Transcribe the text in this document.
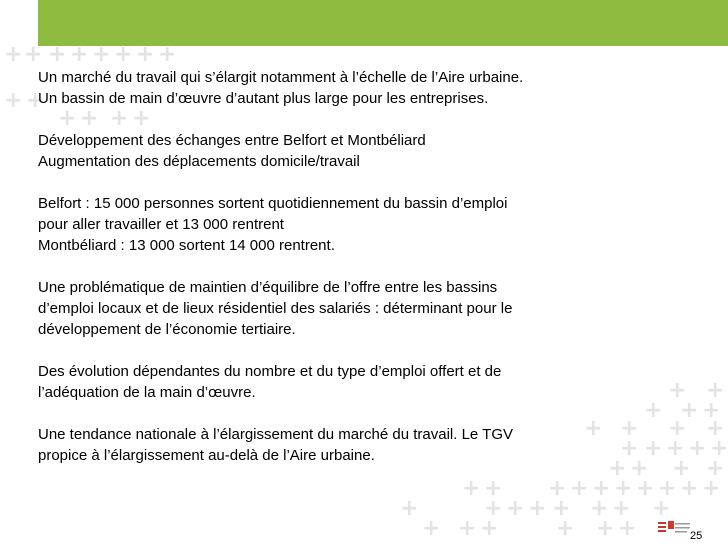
+ + + + + + + +
+ +
+ + + +
+ +
+ + +
+ + + +
+ + + + +
+ + + +
+ + + + + + + + + +
+	+ + + + + + +
+ + +	+ + +

Un marché du travail qui s’élargit notamment à l’échelle de l’Aire urbaine.
Un bassin de main d’œuvre d’autant plus large pour les entreprises.

Développement des échanges entre Belfort et Montbéliard
Augmentation des déplacements domicile/travail

Belfort : 15 000 personnes sortent quotidiennement du bassin d’emploi
pour aller travailler et 13 000 rentrent
Montbéliard : 13 000 sortent 14 000 rentrent.

Une problématique de maintien d’équilibre de l’offre entre les bassins
d’emploi locaux et de lieux résidentiel des salariés : déterminant pour le
développement de l’économie tertiaire.

Des évolution dépendantes du nombre et du type d’emploi offert et de
l’adéquation de la main d’œuvre.

Une tendance nationale à l’élargissement du marché du travail. Le TGV
propice à l’élargissement au-delà de l’Aire urbaine.

25
